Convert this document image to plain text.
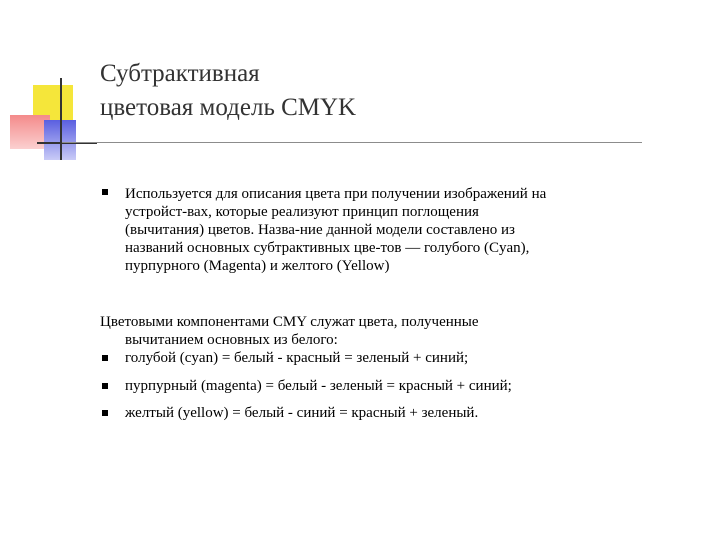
Субтрактивная
цветовая модель CMYK
Используется для описания цвета при получении изображений на
устройст-вах, которые реализуют принцип поглощения
(вычитания) цветов. Назва-ние данной модели составлено из
названий основных субтрактивных цве-тов — голубого (Cyan),
пурпурного (Magenta) и желтого (Yellow)
Цветовыми компонентами CMY служат цвета, полученные
вычитанием основных из белого:
голубой (cyan) = белый - красный = зеленый + синий;
пурпурный (magenta) = белый - зеленый = красный + синий;
желтый (yellow) = белый - синий = красный + зеленый.
